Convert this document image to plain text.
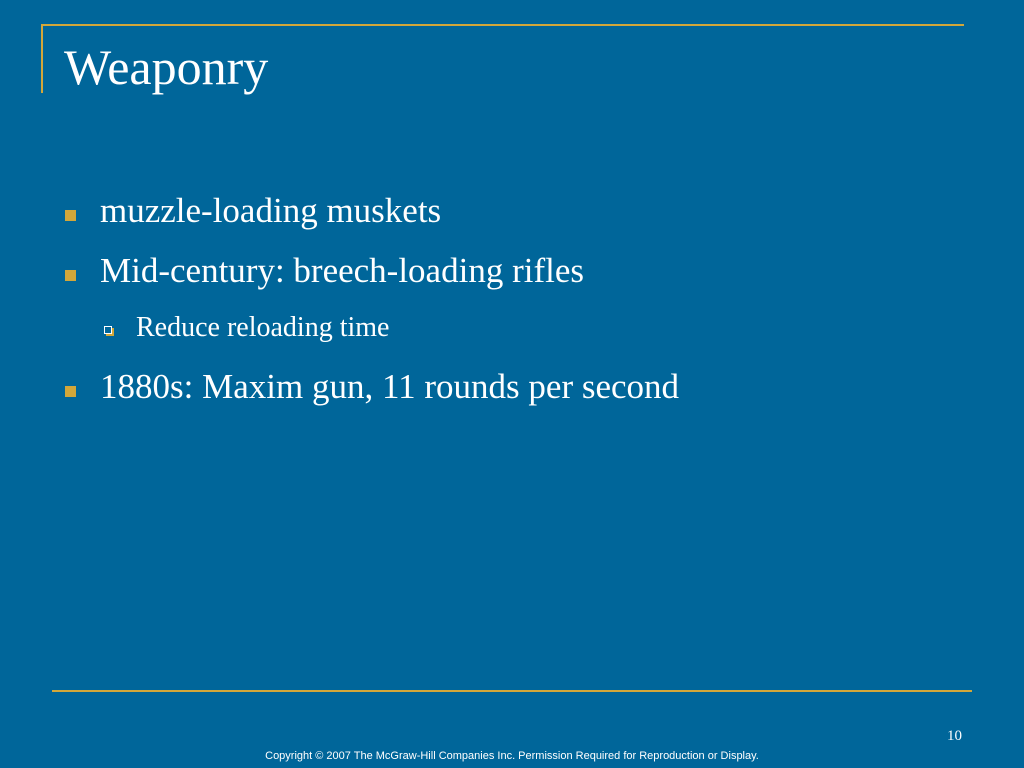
Weaponry
muzzle-loading muskets
Mid-century: breech-loading rifles
Reduce reloading time
1880s: Maxim gun, 11 rounds per second
10
Copyright © 2007 The McGraw-Hill Companies Inc. Permission Required for Reproduction or Display.
